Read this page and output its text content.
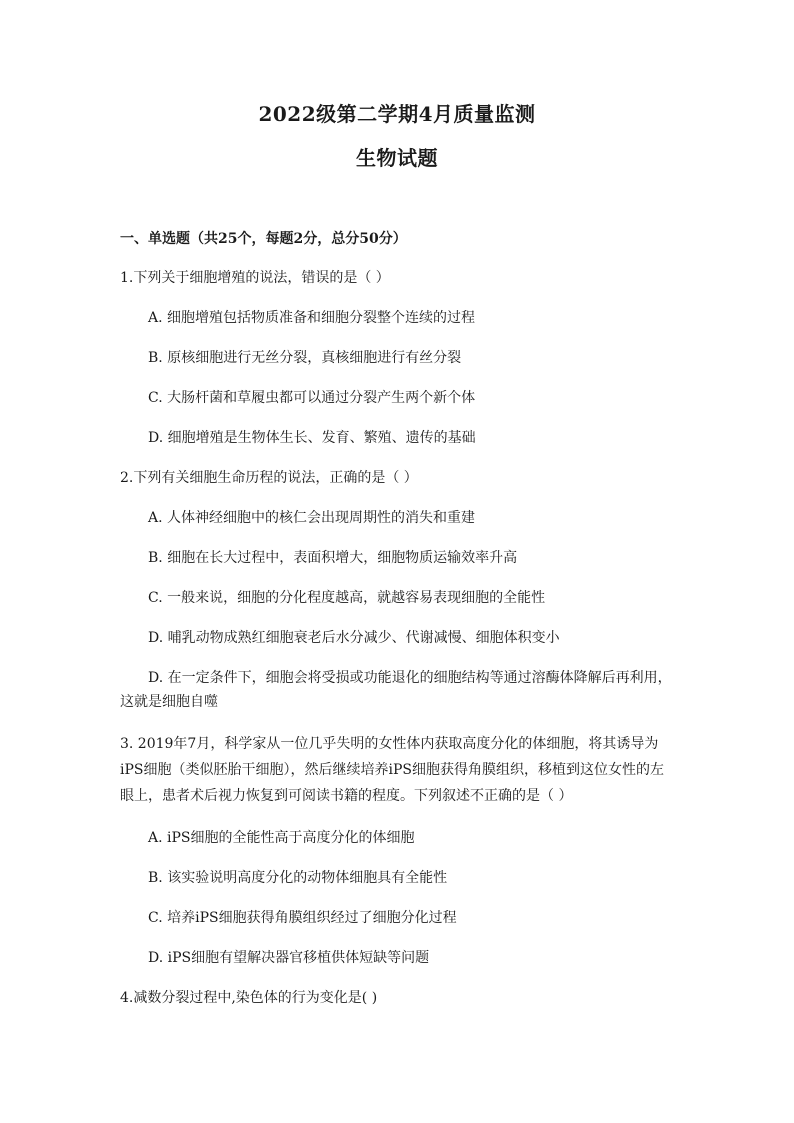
2022级第二学期4月质量监测
生物试题
一、单选题（共25个，每题2分，总分50分）
1.下列关于细胞增殖的说法，错误的是（ ）
A. 细胞增殖包括物质准备和细胞分裂整个连续的过程
B. 原核细胞进行无丝分裂，真核细胞进行有丝分裂
C. 大肠杆菌和草履虫都可以通过分裂产生两个新个体
D. 细胞增殖是生物体生长、发育、繁殖、遗传的基础
2.下列有关细胞生命历程的说法，正确的是（ ）
A. 人体神经细胞中的核仁会出现周期性的消失和重建
B. 细胞在长大过程中，表面积增大，细胞物质运输效率升高
C. 一般来说，细胞的分化程度越高，就越容易表现细胞的全能性
D. 哺乳动物成熟红细胞衰老后水分减少、代谢减慢、细胞体积变小
D. 在一定条件下，细胞会将受损或功能退化的细胞结构等通过溶酶体降解后再利用，
这就是细胞自噬
3. 2019年7月，科学家从一位几乎失明的女性体内获取高度分化的体细胞，将其诱导为
iPS细胞（类似胚胎干细胞），然后继续培养iPS细胞获得角膜组织，移植到这位女性的左
眼上，患者术后视力恢复到可阅读书籍的程度。下列叙述不正确的是（ ）
A. iPS细胞的全能性高于高度分化的体细胞
B. 该实验说明高度分化的动物体细胞具有全能性
C. 培养iPS细胞获得角膜组织经过了细胞分化过程
D. iPS细胞有望解决器官移植供体短缺等问题
4.减数分裂过程中,染色体的行为变化是( )
